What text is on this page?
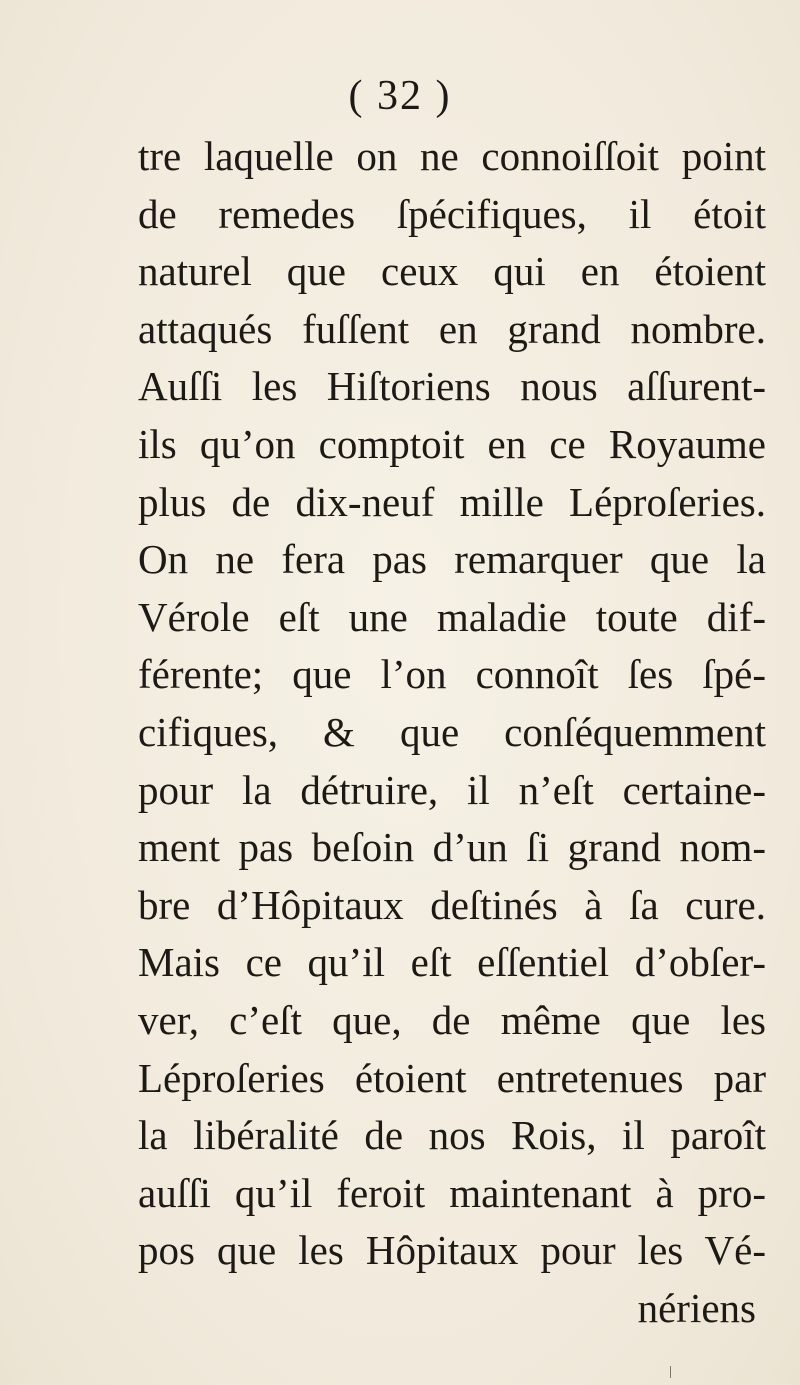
( 32 )
tre laquelle on ne connoiſſoit point
de remedes ſpécifiques, il étoit
naturel que ceux qui en étoient
attaqués fuſſent en grand nombre.
Auſſi les Hiſtoriens nous aſſurent-
ils qu’on comptoit en ce Royaume
plus de dix-neuf mille Léproſeries.
On ne fera pas remarquer que la
Vérole eſt une maladie toute dif-
férente; que l’on connoît ſes ſpé-
cifiques, & que conſéquemment
pour la détruire, il n’eſt certaine-
ment pas beſoin d’un ſi grand nom-
bre d’Hôpitaux deſtinés à ſa cure.
Mais ce qu’il eſt eſſentiel d’obſer-
ver, c’eſt que, de même que les
Léproſeries étoient entretenues par
la libéralité de nos Rois, il paroît
auſſi qu’il feroit maintenant à pro-
pos que les Hôpitaux pour les Vé-
nériens
